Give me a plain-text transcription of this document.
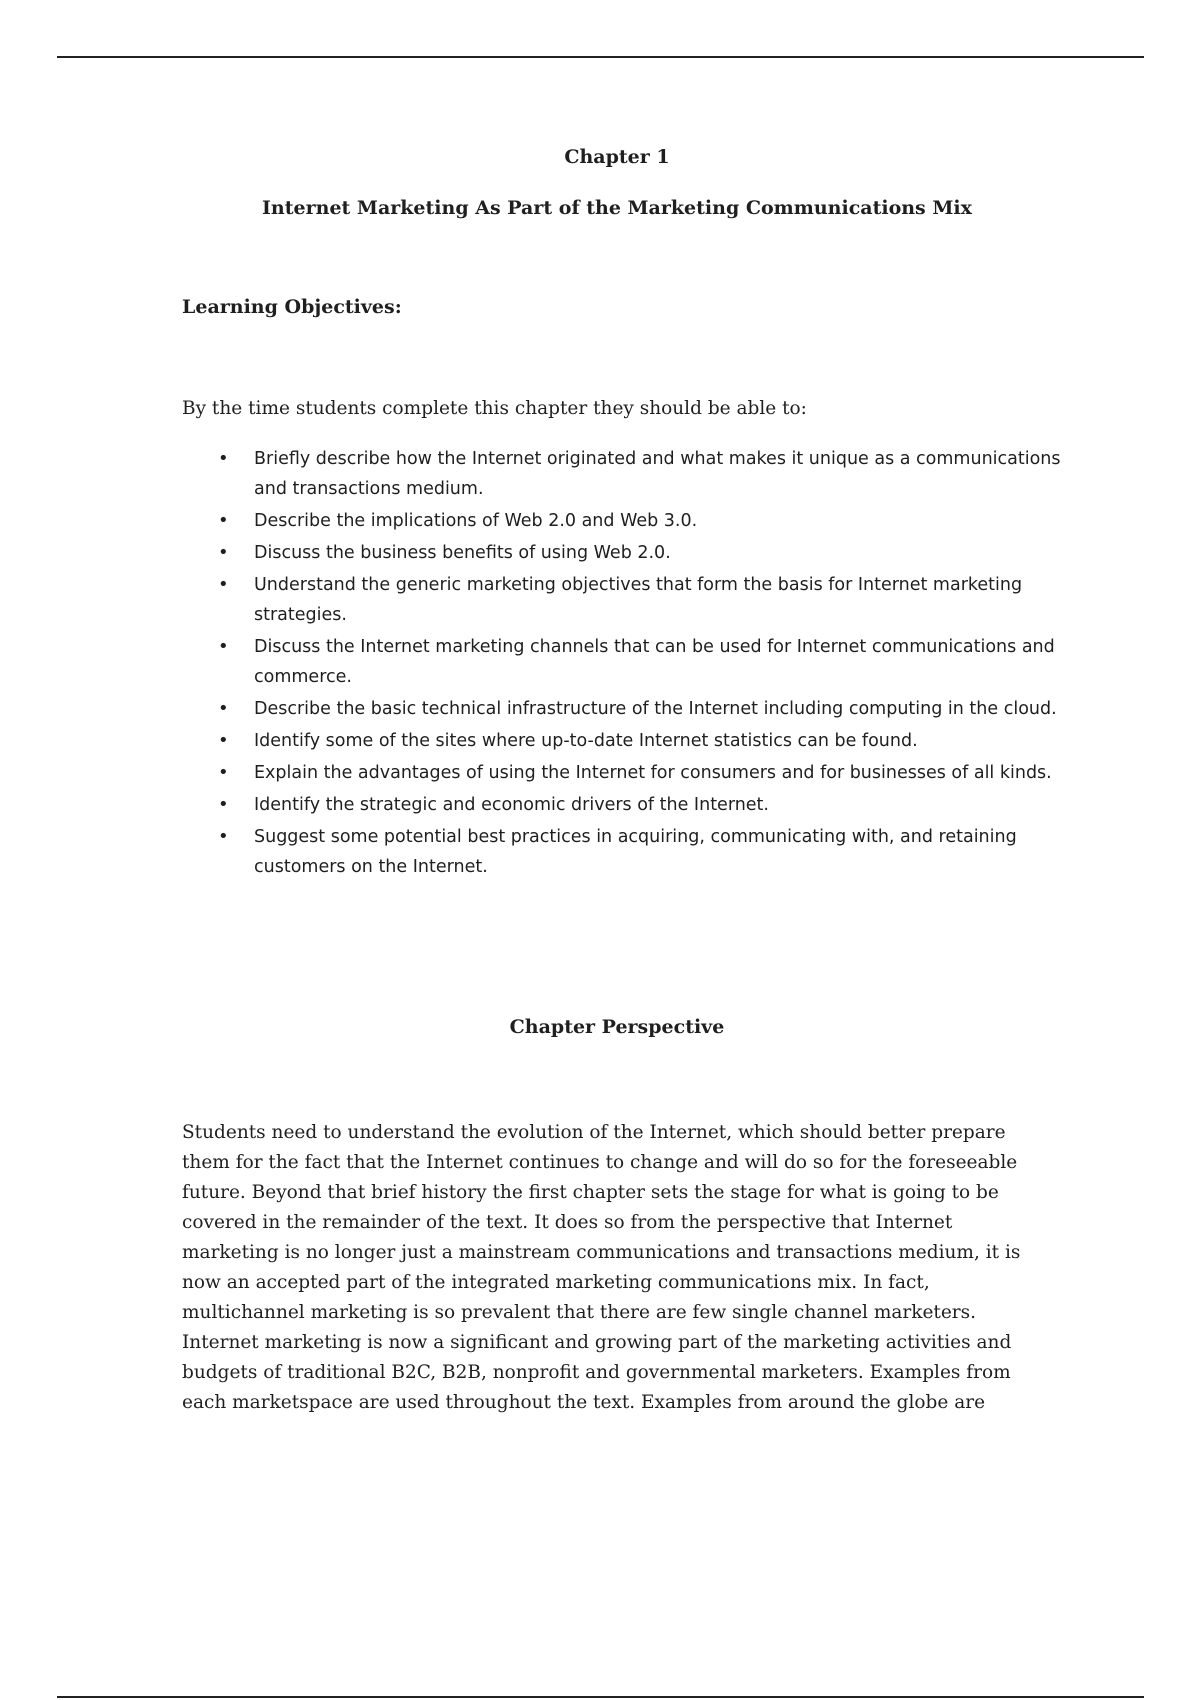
Chapter 1
Internet Marketing As Part of the Marketing Communications Mix
Learning Objectives:

By the time students complete this chapter they should be able to:

• Briefly describe how the Internet originated and what makes it unique as a communications and transactions medium.
• Describe the implications of Web 2.0 and Web 3.0.
• Discuss the business benefits of using Web 2.0.
• Understand the generic marketing objectives that form the basis for Internet marketing strategies.
• Discuss the Internet marketing channels that can be used for Internet communications and commerce.
• Describe the basic technical infrastructure of the Internet including computing in the cloud.
• Identify some of the sites where up-to-date Internet statistics can be found.
• Explain the advantages of using the Internet for consumers and for businesses of all kinds.
• Identify the strategic and economic drivers of the Internet.
• Suggest some potential best practices in acquiring, communicating with, and retaining customers on the Internet.
Chapter Perspective

Students need to understand the evolution of the Internet, which should better prepare
them for the fact that the Internet continues to change and will do so for the foreseeable
future. Beyond that brief history the first chapter sets the stage for what is going to be
covered in the remainder of the text. It does so from the perspective that Internet
marketing is no longer just a mainstream communications and transactions medium, it is
now an accepted part of the integrated marketing communications mix. In fact,
multichannel marketing is so prevalent that there are few single channel marketers.
Internet marketing is now a significant and growing part of the marketing activities and
budgets of traditional B2C, B2B, nonprofit and governmental marketers. Examples from
each marketspace are used throughout the text. Examples from around the globe are
